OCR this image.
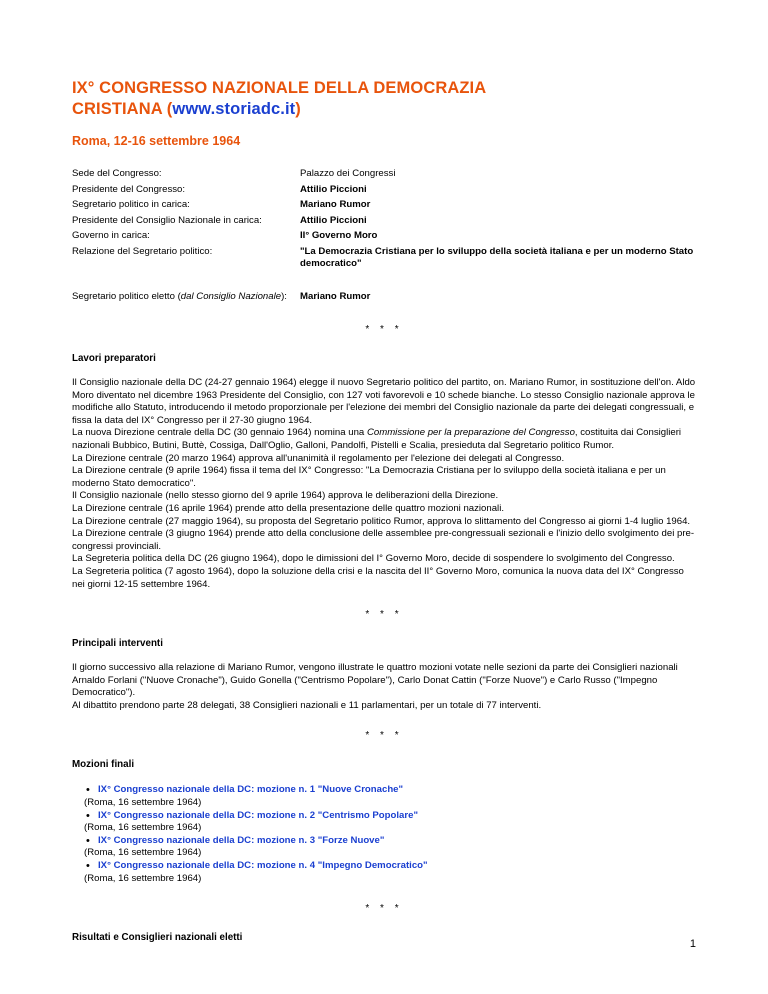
IX° CONGRESSO NAZIONALE DELLA DEMOCRAZIA
CRISTIANA (www.storiadc.it)
Roma, 12-16 settembre 1964
Sede del Congresso:	Palazzo dei Congressi
Presidente del Congresso:	Attilio Piccioni
Segretario politico in carica:	Mariano Rumor
Presidente del Consiglio Nazionale in carica:	Attilio Piccioni
Governo in carica:	II° Governo Moro
Relazione del Segretario politico:	"La Democrazia Cristiana per lo sviluppo della società italiana e per un moderno Stato democratico"

Segretario politico eletto (dal Consiglio Nazionale):	Mariano Rumor
* * *
Lavori preparatori

Il Consiglio nazionale della DC (24-27 gennaio 1964) elegge il nuovo Segretario politico del partito, on. Mariano Rumor, in sostituzione dell'on. Aldo Moro diventato nel dicembre 1963 Presidente del Consiglio, con 127 voti favorevoli e 10 schede bianche. Lo stesso Consiglio nazionale approva le modifiche allo Statuto, introducendo il metodo proporzionale per l'elezione dei membri del Consiglio nazionale da parte dei delegati congressuali, e fissa la data del IX° Congresso per il 27-30 giugno 1964.

La nuova Direzione centrale della DC (30 gennaio 1964) nomina una Commissione per la preparazione del Congresso, costituita dai Consiglieri nazionali Bubbico, Butini, Buttè, Cossiga, Dall'Oglio, Galloni, Pandolfi, Pistelli e Scalia, presieduta dal Segretario politico Rumor.

La Direzione centrale (20 marzo 1964) approva all'unanimità il regolamento per l'elezione dei delegati al Congresso.

La Direzione centrale (9 aprile 1964) fissa il tema del IX° Congresso: "La Democrazia Cristiana per lo sviluppo della società italiana e per un moderno Stato democratico".

Il Consiglio nazionale (nello stesso giorno del 9 aprile 1964) approva le deliberazioni della Direzione.

La Direzione centrale (16 aprile 1964) prende atto della presentazione delle quattro mozioni nazionali.

La Direzione centrale (27 maggio 1964), su proposta del Segretario politico Rumor, approva lo slittamento del Congresso ai giorni 1-4 luglio 1964.

La Direzione centrale (3 giugno 1964) prende atto della conclusione delle assemblee pre-congressuali sezionali e l'inizio dello svolgimento dei pre-congressi provinciali.

La Segreteria politica della DC (26 giugno 1964), dopo le dimissioni del I° Governo Moro, decide di sospendere lo svolgimento del Congresso.

La Segreteria politica (7 agosto 1964), dopo la soluzione della crisi e la nascita del II° Governo Moro, comunica la nuova data del IX° Congresso nei giorni 12-15 settembre 1964.

* * *
Principali interventi

Il giorno successivo alla relazione di Mariano Rumor, vengono illustrate le quattro mozioni votate nelle sezioni da parte dei Consiglieri nazionali Arnaldo Forlani ("Nuove Cronache"), Guido Gonella ("Centrismo Popolare"), Carlo Donat Cattin ("Forze Nuove") e Carlo Russo ("Impegno Democratico").

Al dibattito prendono parte 28 delegati, 38 Consiglieri nazionali e 11 parlamentari, per un totale di 77 interventi.

* * *
Mozioni finali
• IX° Congresso nazionale della DC: mozione n. 1 "Nuove Cronache"
(Roma, 16 settembre 1964)
• IX° Congresso nazionale della DC: mozione n. 2 "Centrismo Popolare"
(Roma, 16 settembre 1964)
• IX° Congresso nazionale della DC: mozione n. 3 "Forze Nuove"
(Roma, 16 settembre 1964)
• IX° Congresso nazionale della DC: mozione n. 4 "Impegno Democratico"
(Roma, 16 settembre 1964)
* * *
Risultati e Consiglieri nazionali eletti
1
